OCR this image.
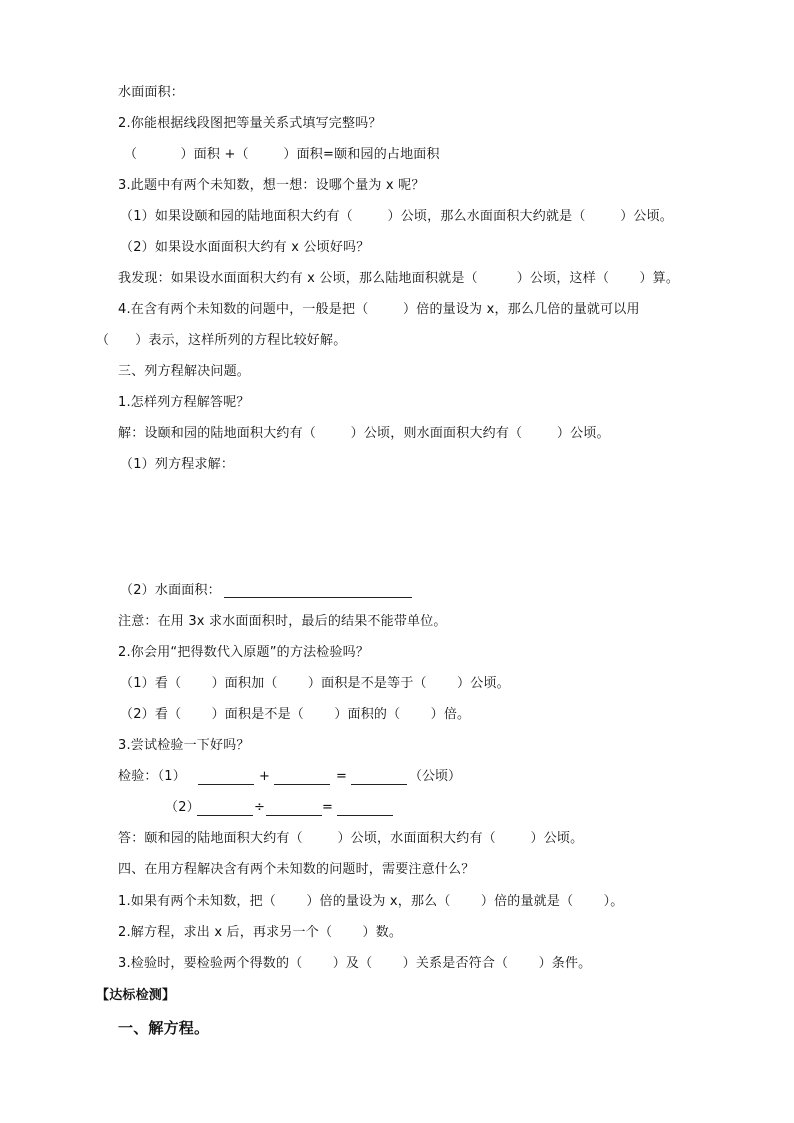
水面面积：
2.你能根据线段图把等量关系式填写完整吗？
（          ）面积 +（        ）面积=颐和园的占地面积
3.此题中有两个未知数，想一想：设哪个量为 x 呢？
（1）如果设颐和园的陆地面积大约有（        ）公顷，那么水面面积大约就是（        ）公顷。
（2）如果设水面面积大约有 x 公顷好吗？
我发现：如果设水面面积大约有 x 公顷，那么陆地面积就是（         ）公顷，这样（       ）算。
4.在含有两个未知数的问题中，一般是把（        ）倍的量设为 x，那么几倍的量就可以用
（      ）表示，这样所列的方程比较好解。
三、列方程解决问题。
1.怎样列方程解答呢？
解：设颐和园的陆地面积大约有（        ）公顷，则水面面积大约有（        ）公顷。
（1）列方程求解：
（2）水面面积：
注意：在用 3x 求水面面积时，最后的结果不能带单位。
2.你会用“把得数代入原题”的方法检验吗？
（1）看（       ）面积加（       ）面积是不是等于（       ）公顷。
（2）看（       ）面积是不是（       ）面积的（       ）倍。
3.尝试检验一下好吗？
检验：（1）	+	=	（公顷）
（2）	÷	=
答：颐和园的陆地面积大约有（        ）公顷，水面面积大约有（        ）公顷。
四、在用方程解决含有两个未知数的问题时，需要注意什么？
1.如果有两个未知数，把（       ）倍的量设为 x，那么（       ）倍的量就是（       ）。
2.解方程，求出 x 后，再求另一个（       ）数。
3.检验时，要检验两个得数的（       ）及（       ）关系是否符合（       ）条件。
【达标检测】
一、解方程。
